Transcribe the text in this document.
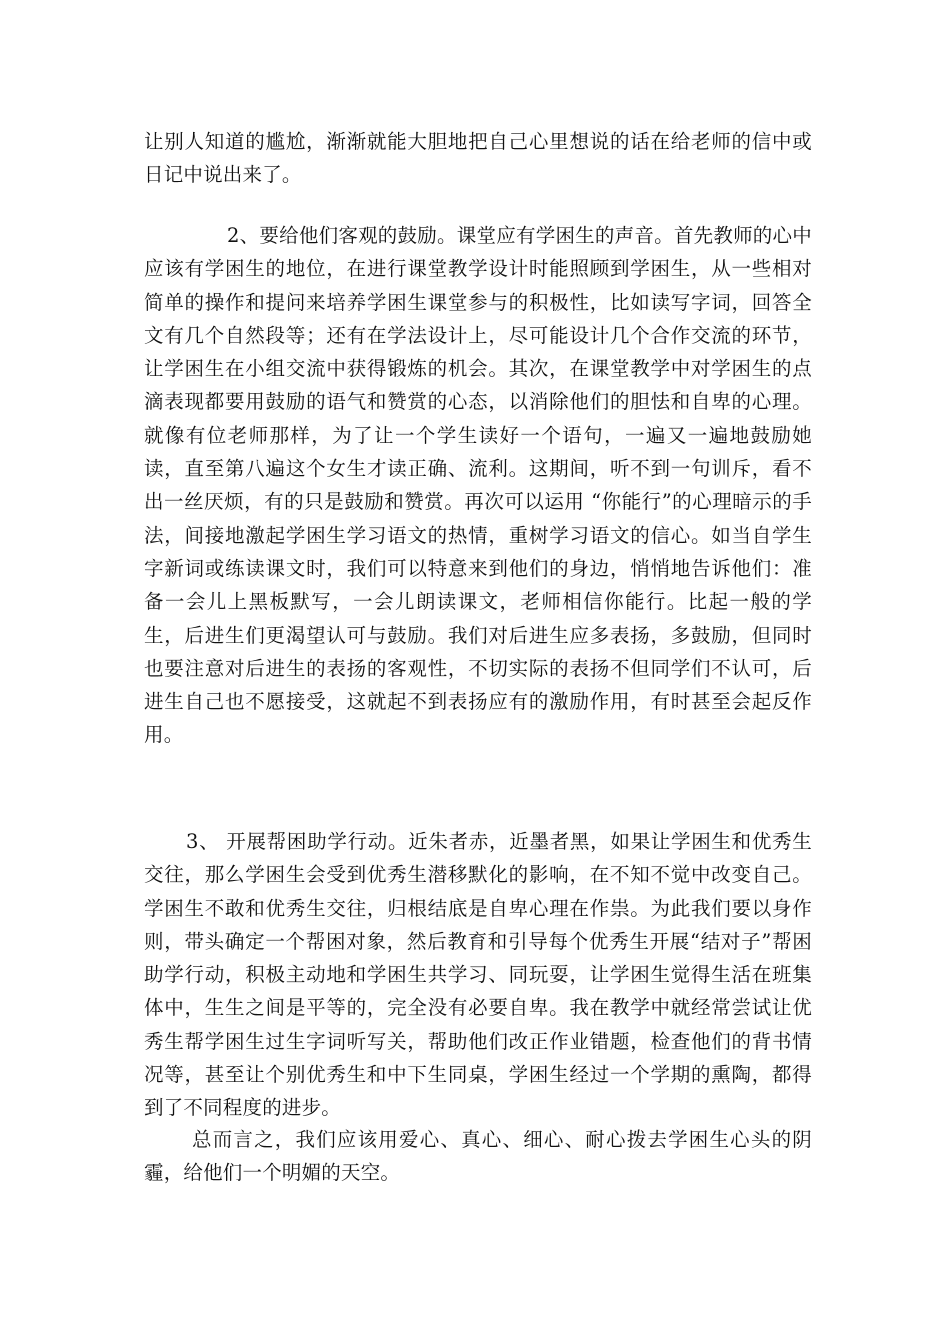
让别人知道的尴尬，渐渐就能大胆地把自己心里想说的话在给老师的信中或日记中说出来了。

2、要给他们客观的鼓励。课堂应有学困生的声音。首先教师的心中应该有学困生的地位，在进行课堂教学设计时能照顾到学困生，从一些相对简单的操作和提问来培养学困生课堂参与的积极性，比如读写字词，回答全文有几个自然段等；还有在学法设计上，尽可能设计几个合作交流的环节，让学困生在小组交流中获得锻炼的机会。其次，在课堂教学中对学困生的点滴表现都要用鼓励的语气和赞赏的心态，以消除他们的胆怯和自卑的心理。就像有位老师那样，为了让一个学生读好一个语句，一遍又一遍地鼓励她读，直至第八遍这个女生才读正确、流利。这期间，听不到一句训斥，看不出一丝厌烦，有的只是鼓励和赞赏。再次可以运用 “你能行”的心理暗示的手法，间接地激起学困生学习语文的热情，重树学习语文的信心。如当自学生字新词或练读课文时，我们可以特意来到他们的身边，悄悄地告诉他们：准备一会儿上黑板默写，一会儿朗读课文，老师相信你能行。比起一般的学生，后进生们更渴望认可与鼓励。我们对后进生应多表扬，多鼓励，但同时也要注意对后进生的表扬的客观性，不切实际的表扬不但同学们不认可，后进生自己也不愿接受，这就起不到表扬应有的激励作用，有时甚至会起反作用。

3、 开展帮困助学行动。近朱者赤，近墨者黑，如果让学困生和优秀生交往，那么学困生会受到优秀生潜移默化的影响，在不知不觉中改变自己。学困生不敢和优秀生交往，归根结底是自卑心理在作祟。为此我们要以身作则，带头确定一个帮困对象，然后教育和引导每个优秀生开展“结对子”帮困助学行动，积极主动地和学困生共学习、同玩耍，让学困生觉得生活在班集体中，生生之间是平等的，完全没有必要自卑。我在教学中就经常尝试让优秀生帮学困生过生字词听写关，帮助他们改正作业错题，检查他们的背书情况等，甚至让个别优秀生和中下生同桌，学困生经过一个学期的熏陶，都得到了不同程度的进步。

总而言之，我们应该用爱心、真心、细心、耐心拨去学困生心头的阴霾，给他们一个明媚的天空。
